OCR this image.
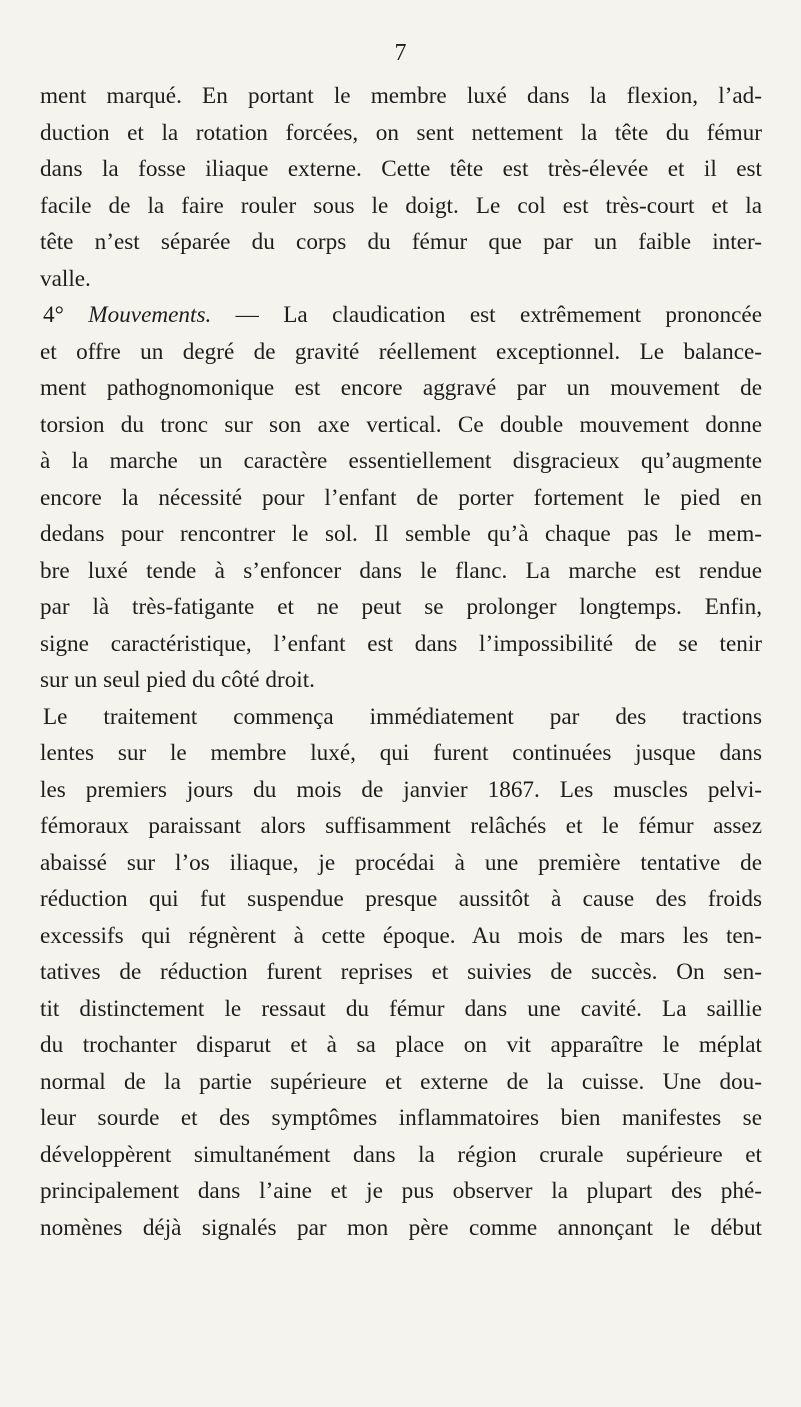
7
ment marqué. En portant le membre luxé dans la flexion, l’ad-
duction et la rotation forcées, on sent nettement la tête du fémur
dans la fosse iliaque externe. Cette tête est très-élevée et il est
facile de la faire rouler sous le doigt. Le col est très-court et la
tête n’est séparée du corps du fémur que par un faible inter-
valle.
4° Mouvements. — La claudication est extrêmement prononcée
et offre un degré de gravité réellement exceptionnel. Le balance-
ment pathognomonique est encore aggravé par un mouvement de
torsion du tronc sur son axe vertical. Ce double mouvement donne
à la marche un caractère essentiellement disgracieux qu’augmente
encore la nécessité pour l’enfant de porter fortement le pied en
dedans pour rencontrer le sol. Il semble qu’à chaque pas le mem-
bre luxé tende à s’enfoncer dans le flanc. La marche est rendue
par là très-fatigante et ne peut se prolonger longtemps. Enfin,
signe caractéristique, l’enfant est dans l’impossibilité de se tenir
sur un seul pied du côté droit.
Le traitement commença immédiatement par des tractions
lentes sur le membre luxé, qui furent continuées jusque dans
les premiers jours du mois de janvier 1867. Les muscles pelvi-
fémoraux paraissant alors suffisamment relâchés et le fémur assez
abaissé sur l’os iliaque, je procédai à une première tentative de
réduction qui fut suspendue presque aussitôt à cause des froids
excessifs qui régnèrent à cette époque. Au mois de mars les ten-
tatives de réduction furent reprises et suivies de succès. On sen-
tit distinctement le ressaut du fémur dans une cavité. La saillie
du trochanter disparut et à sa place on vit apparaître le méplat
normal de la partie supérieure et externe de la cuisse. Une dou-
leur sourde et des symptômes inflammatoires bien manifestes se
développèrent simultanément dans la région crurale supérieure et
principalement dans l’aine et je pus observer la plupart des phé-
nomènes déjà signalés par mon père comme annonçant le début
